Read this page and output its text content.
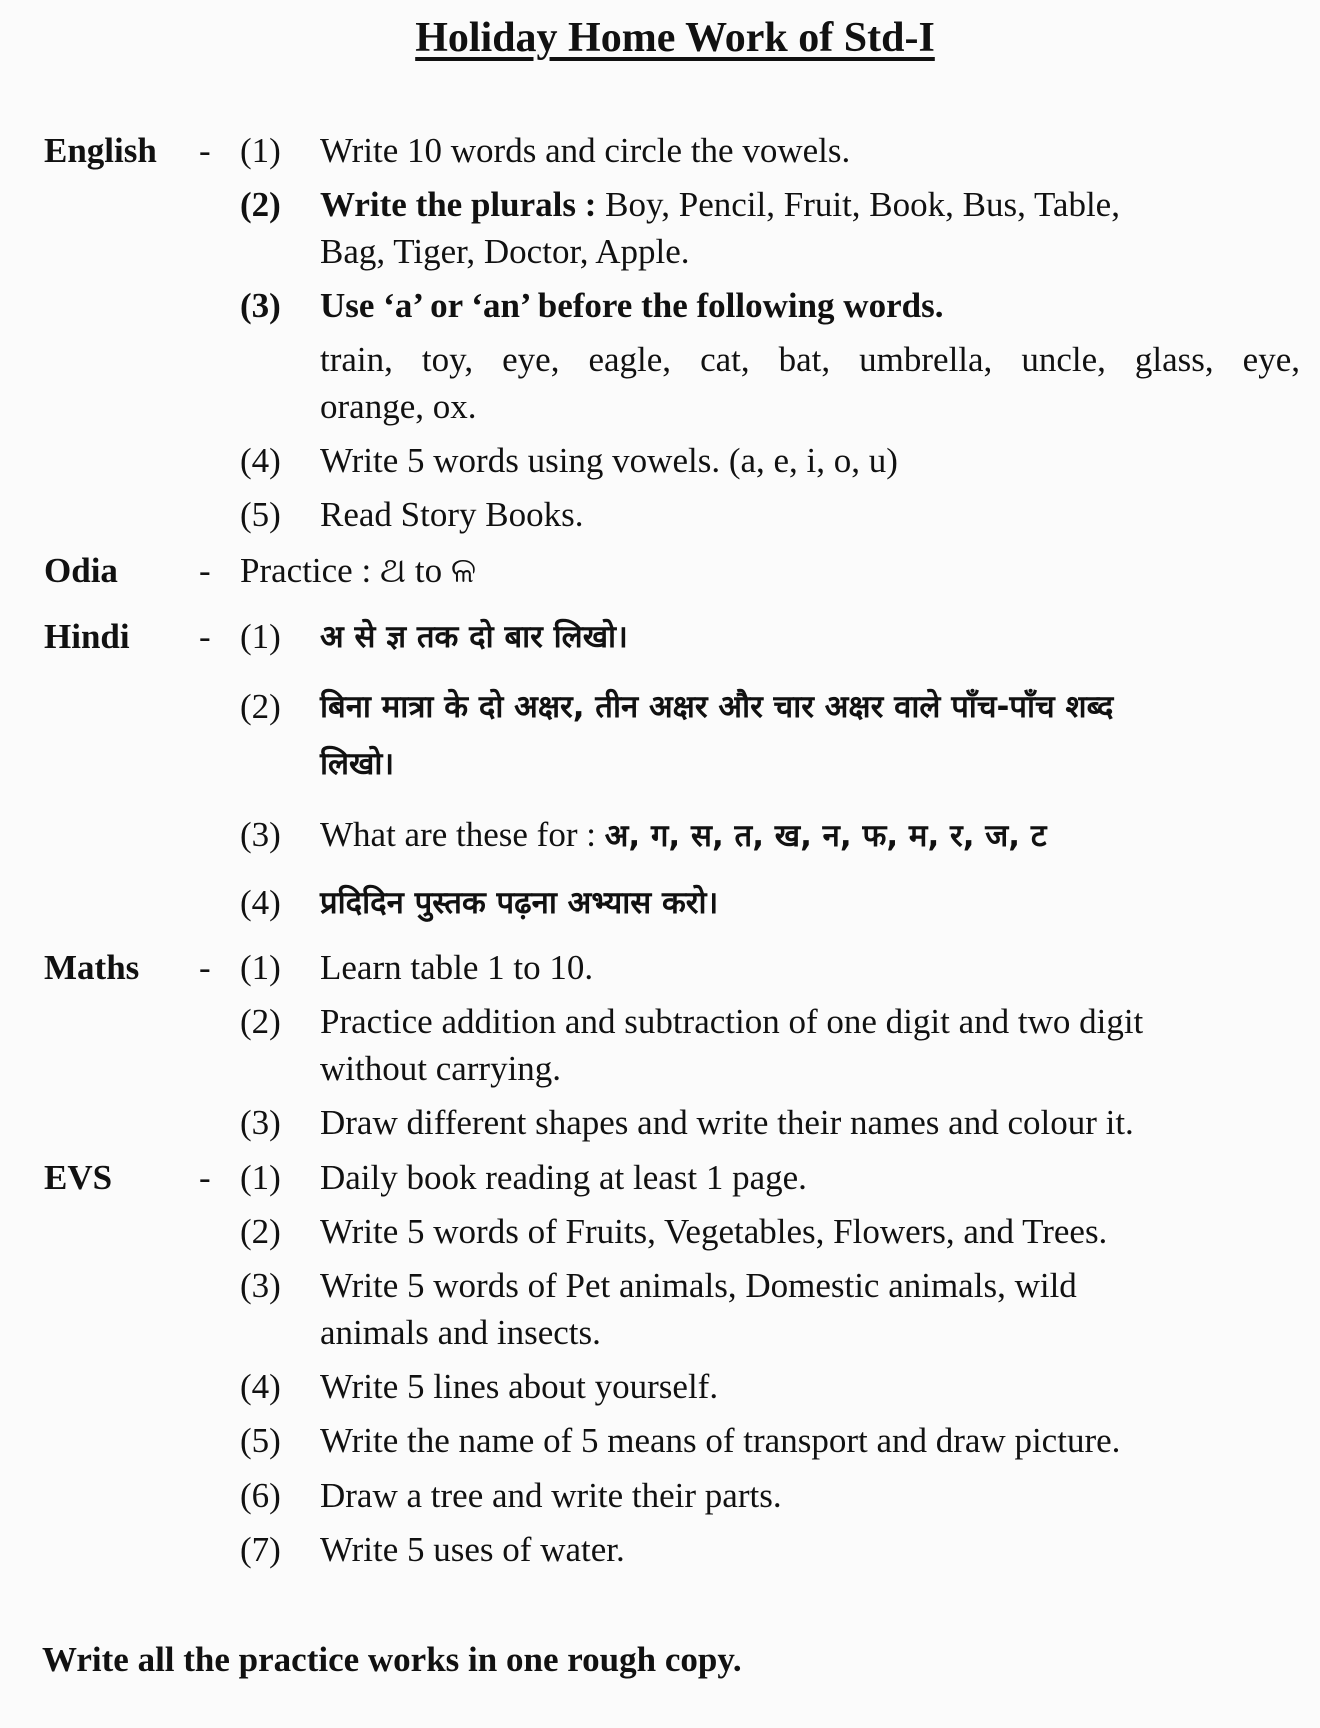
Holiday Home Work of Std-I
English - (1) Write 10 words and circle the vowels.
(2) Write the plurals : Boy, Pencil, Fruit, Book, Bus, Table,
Bag, Tiger, Doctor, Apple.
(3) Use ‘a’ or ‘an’ before the following words.
train, toy, eye, eagle, cat, bat, umbrella, uncle, glass, eye,
orange, ox.
(4) Write 5 words using vowels. (a, e, i, o, u)
(5) Read Story Books.
Odia - Practice : ଥ to ଳ
Hindi - (1) अ से ज्ञ तक दो बार लिखो।
(2) बिना मात्रा के दो अक्षर, तीन अक्षर और चार अक्षर वाले पाँच-पाँच शब्द
लिखो।
(3) What are these for : अ, ग, स, त, ख, न, फ, म, र, ज, ट
(4) प्रदिदिन पुस्तक पढ़ना अभ्यास करो।
Maths - (1) Learn table 1 to 10.
(2) Practice addition and subtraction of one digit and two digit
without carrying.
(3) Draw different shapes and write their names and colour it.
EVS - (1) Daily book reading at least 1 page.
(2) Write 5 words of Fruits, Vegetables, Flowers, and Trees.
(3) Write 5 words of Pet animals, Domestic animals, wild
animals and insects.
(4) Write 5 lines about yourself.
(5) Write the name of 5 means of transport and draw picture.
(6) Draw a tree and write their parts.
(7) Write 5 uses of water.
Write all the practice works in one rough copy.
